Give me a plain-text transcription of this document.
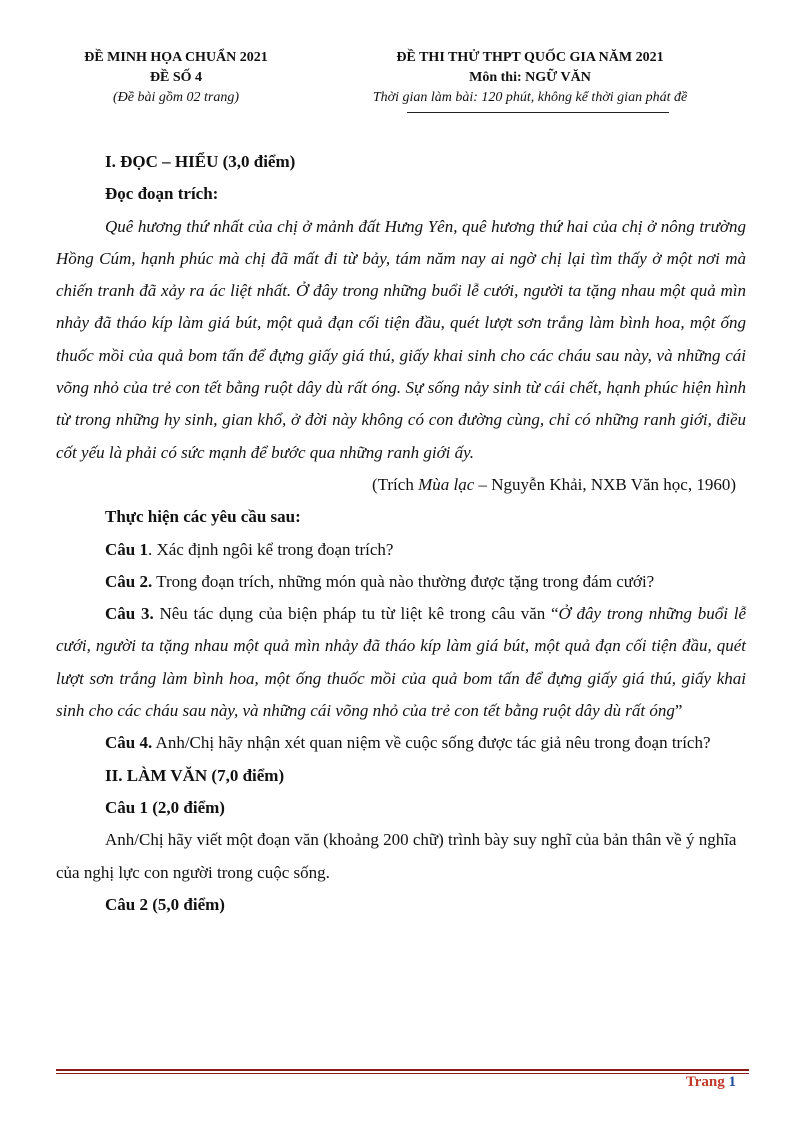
ĐỀ MINH HỌA CHUẨN 2021
ĐỀ SỐ 4
(Đề bài gồm 02 trang)
ĐỀ THI THỬ THPT QUỐC GIA NĂM 2021
Môn thi: NGỮ VĂN
Thời gian làm bài: 120 phút, không kể thời gian phát đề

I. ĐỌC – HIỂU (3,0 điểm)

Đọc đoạn trích:

Quê hương thứ nhất của chị ở mảnh đất Hưng Yên, quê hương thứ hai của chị ở nông trường Hồng Cúm, hạnh phúc mà chị đã mất đi từ bảy, tám năm nay ai ngờ chị lại tìm thấy ở một nơi mà chiến tranh đã xảy ra ác liệt nhất. Ở đây trong những buổi lễ cưới, người ta tặng nhau một quả mìn nhảy đã tháo kíp làm giá bút, một quả đạn cối tiện đầu, quét lượt sơn trắng làm bình hoa, một ống thuốc mồi của quả bom tấn để đựng giấy giá thú, giấy khai sinh cho các cháu sau này, và những cái võng nhỏ của trẻ con tết bằng ruột dây dù rất óng. Sự sống nảy sinh từ cái chết, hạnh phúc hiện hình từ trong những hy sinh, gian khổ, ở đời này không có con đường cùng, chỉ có những ranh giới, điều cốt yếu là phải có sức mạnh để bước qua những ranh giới ấy.

(Trích Mùa lạc – Nguyễn Khải, NXB Văn học, 1960)

Thực hiện các yêu cầu sau:

Câu 1. Xác định ngôi kể trong đoạn trích?

Câu 2. Trong đoạn trích, những món quà nào thường được tặng trong đám cưới?

Câu 3. Nêu tác dụng của biện pháp tu từ liệt kê trong câu văn “Ở đây trong những buổi lễ cưới, người ta tặng nhau một quả mìn nhảy đã tháo kíp làm giá bút, một quả đạn cối tiện đầu, quét lượt sơn trắng làm bình hoa, một ống thuốc mồi của quả bom tấn để đựng giấy giá thú, giấy khai sinh cho các cháu sau này, và những cái võng nhỏ của trẻ con tết bằng ruột dây dù rất óng”

Câu 4. Anh/Chị hãy nhận xét quan niệm về cuộc sống được tác giả nêu trong đoạn trích?

II. LÀM VĂN (7,0 điểm)

Câu 1 (2,0 điểm)

Anh/Chị hãy viết một đoạn văn (khoảng 200 chữ) trình bày suy nghĩ của bản thân về ý nghĩa của nghị lực con người trong cuộc sống.

Câu 2 (5,0 điểm)

Trang 1
